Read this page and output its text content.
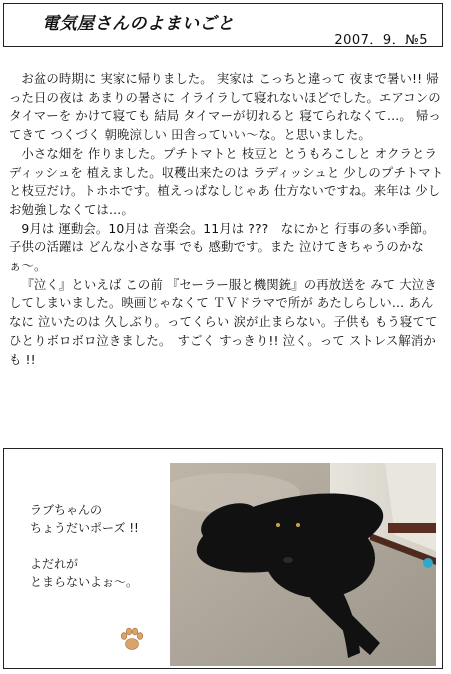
電気屋さんのよまいごと
2007．9．№5

お盆の時期に 実家に帰りました。 実家は こっちと違って 夜まで暑い!! 帰った日の夜は あまりの暑さに イライラして寝れないほどでした。エアコンの タイマーを かけて寝ても 結局 タイマーが切れると 寝てられなくて…。 帰ってきて つくづく 朝晩涼しい 田舎っていい〜な。と思いました。

小さな畑を 作りました。プチトマトと 枝豆と とうもろこしと オクラとラディッシュを 植えました。収穫出来たのは ラディッシュと 少しのプチトマトと枝豆だけ。トホホです。植えっぱなしじゃあ 仕方ないですね。来年は 少しお勉強しなくては…。

9月は 運動会。10月は 音楽会。11月は ???　なにかと 行事の多い季節。子供の活躍は どんな小さな事 でも 感動です。また 泣けてきちゃうのかなぁ〜。

『泣く』といえば この前 『セーラー服と機関銃』の再放送を みて 大泣きしてしまいました。映画じゃなくて ＴＶドラマで所が あたしらしい… あんなに 泣いたのは 久しぶり。ってくらい 涙が止まらない。子供も もう寝てて ひとりボロボロ泣きました。　すごく すっきり!! 泣く。って ストレス解消かも !!

ラブちゃんの
ちょうだいポーズ !!
よだれが
とまらないよぉ〜。
